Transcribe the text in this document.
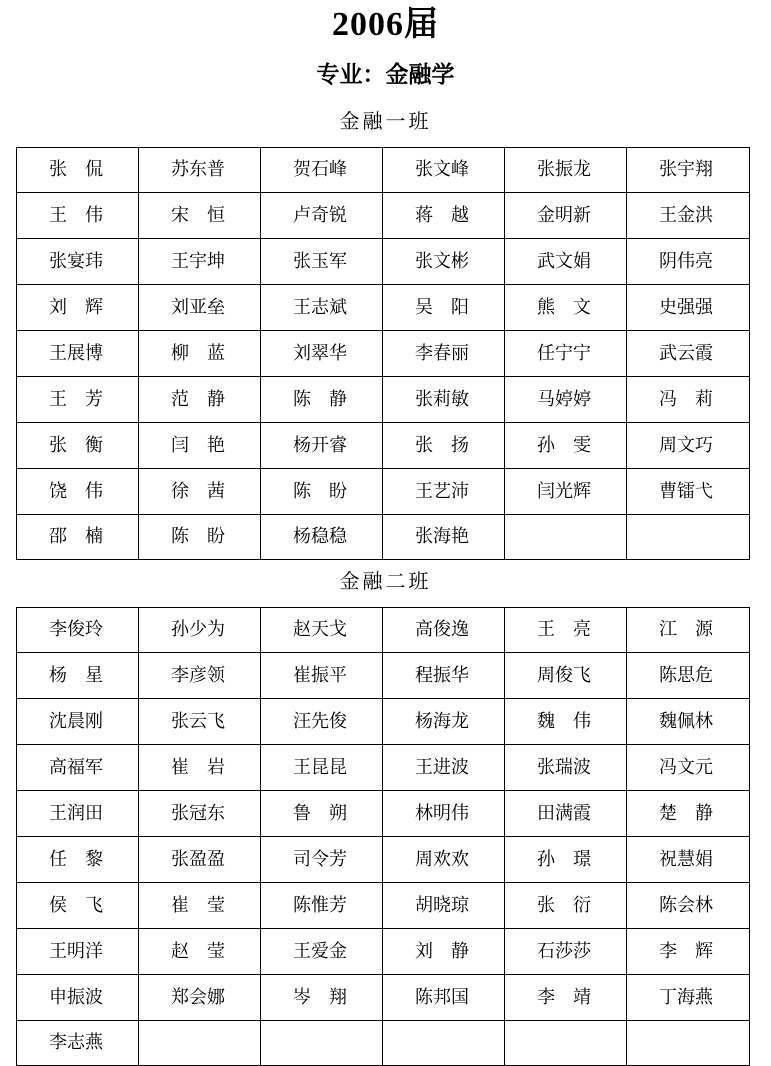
2006届
专业：金融学
金融一班
张　侃	苏东普	贺石峰	张文峰	张振龙	张宇翔
王　伟	宋　恒	卢奇锐	蒋　越	金明新	王金洪
张宴玮	王宇坤	张玉军	张文彬	武文娟	阴伟亮
刘　辉	刘亚垒	王志斌	吴　阳	熊　文	史强强
王展博	柳　蓝	刘翠华	李春丽	任宁宁	武云霞
王　芳	范　静	陈　静	张莉敏	马婷婷	冯　莉
张　衡	闫　艳	杨开睿	张　扬	孙　雯	周文巧
饶　伟	徐　茜	陈　盼	王艺沛	闫光辉	曹镭弋
邵　楠	陈　盼	杨稳稳	张海艳		
金融二班
李俊玲	孙少为	赵天戈	高俊逸	王　亮	江　源
杨　星	李彦领	崔振平	程振华	周俊飞	陈思危
沈晨刚	张云飞	汪先俊	杨海龙	魏　伟	魏佩林
高福军	崔　岩	王昆昆	王进波	张瑞波	冯文元
王润田	张冠东	鲁　朔	林明伟	田满霞	楚　静
任　黎	张盈盈	司令芳	周欢欢	孙　璟	祝慧娟
侯　飞	崔　莹	陈惟芳	胡晓琼	张　衍	陈会林
王明洋	赵　莹	王爱金	刘　静	石莎莎	李　辉
申振波	郑会娜	岑　翔	陈邦国	李　靖	丁海燕
李志燕					
